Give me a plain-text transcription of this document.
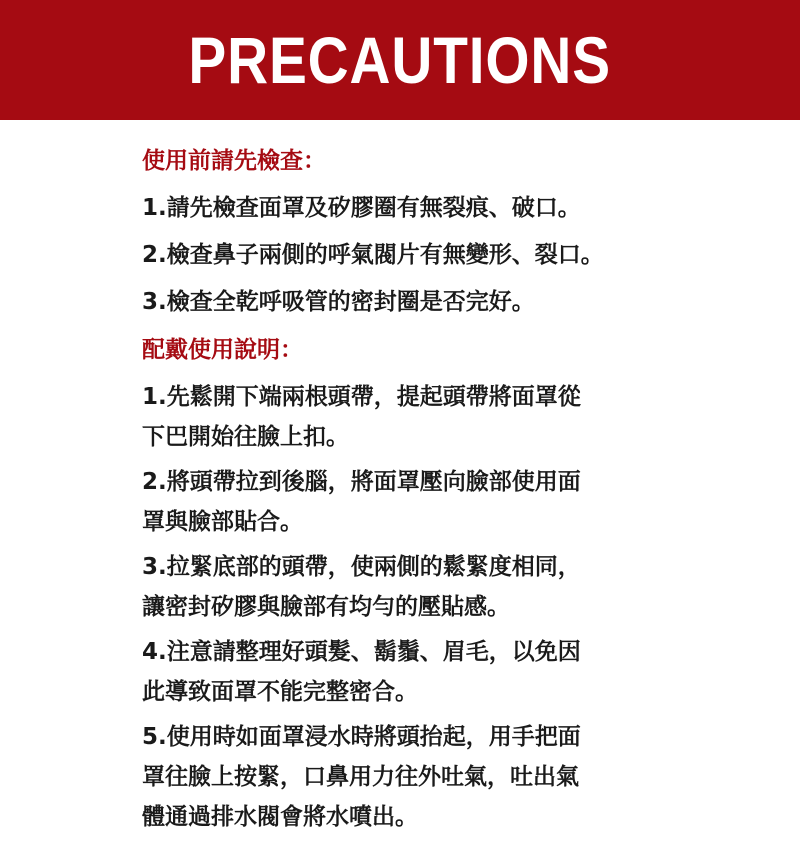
PRECAUTIONS

使用前請先檢查：

1.請先檢查面罩及矽膠圈有無裂痕、破口。

2.檢查鼻子兩側的呼氣閥片有無變形、裂口。

3.檢查全乾呼吸管的密封圈是否完好。

配戴使用說明：

1.先鬆開下端兩根頭帶，提起頭帶將面罩從
下巴開始往臉上扣。

2.將頭帶拉到後腦，將面罩壓向臉部使用面
罩與臉部貼合。

3.拉緊底部的頭帶，使兩側的鬆緊度相同，
讓密封矽膠與臉部有均勻的壓貼感。

4.注意請整理好頭髮、鬍鬚、眉毛，以免因
此導致面罩不能完整密合。

5.使用時如面罩浸水時將頭抬起，用手把面
罩往臉上按緊，口鼻用力往外吐氣，吐出氣
體通過排水閥會將水噴出。
